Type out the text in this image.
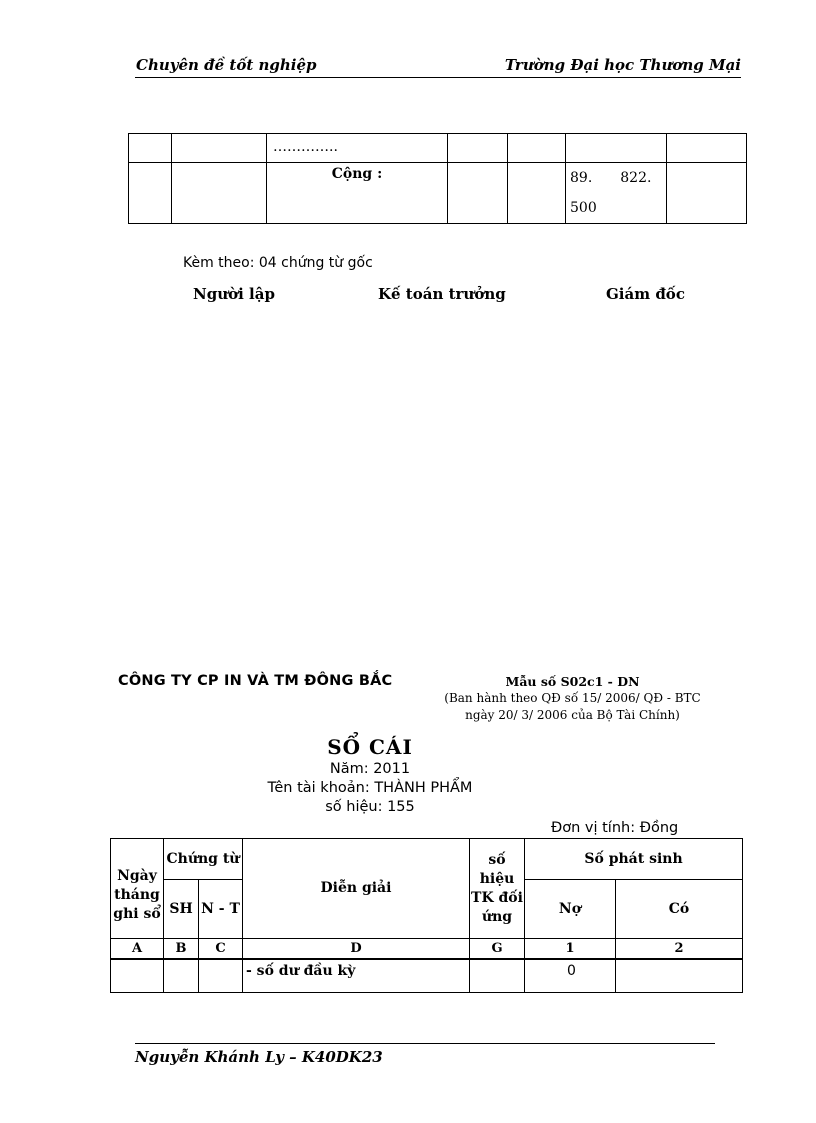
Chuyên đề tốt nghiệp	Trường Đại học Thương Mại
		…………..				
		Cộng :			89. 822.
500	
Kèm theo: 04 chứng từ gốc
Người lập	Kế toán trưởng	Giám đốc
CÔNG TY CP IN VÀ TM ĐÔNG BẮC	Mẫu số S02c1 - DN
(Ban hành theo QĐ số 15/ 2006/ QĐ - BTC
ngày 20/ 3/ 2006 của Bộ Tài Chính)
SỔ CÁI
Năm: 2011
Tên tài khoản: THÀNH PHẨM
số hiệu: 155
Đơn vị tính: Đồng
Ngày tháng ghi sổ	Chứng từ		Diễn giải	số hiệu TK đối ứng	Số phát sinh	
	SH	N - T			Nợ	Có
A	B	C	D	G	1	2
			- số dư đầu kỳ		0	
Nguyễn Khánh Ly – K40DK23
